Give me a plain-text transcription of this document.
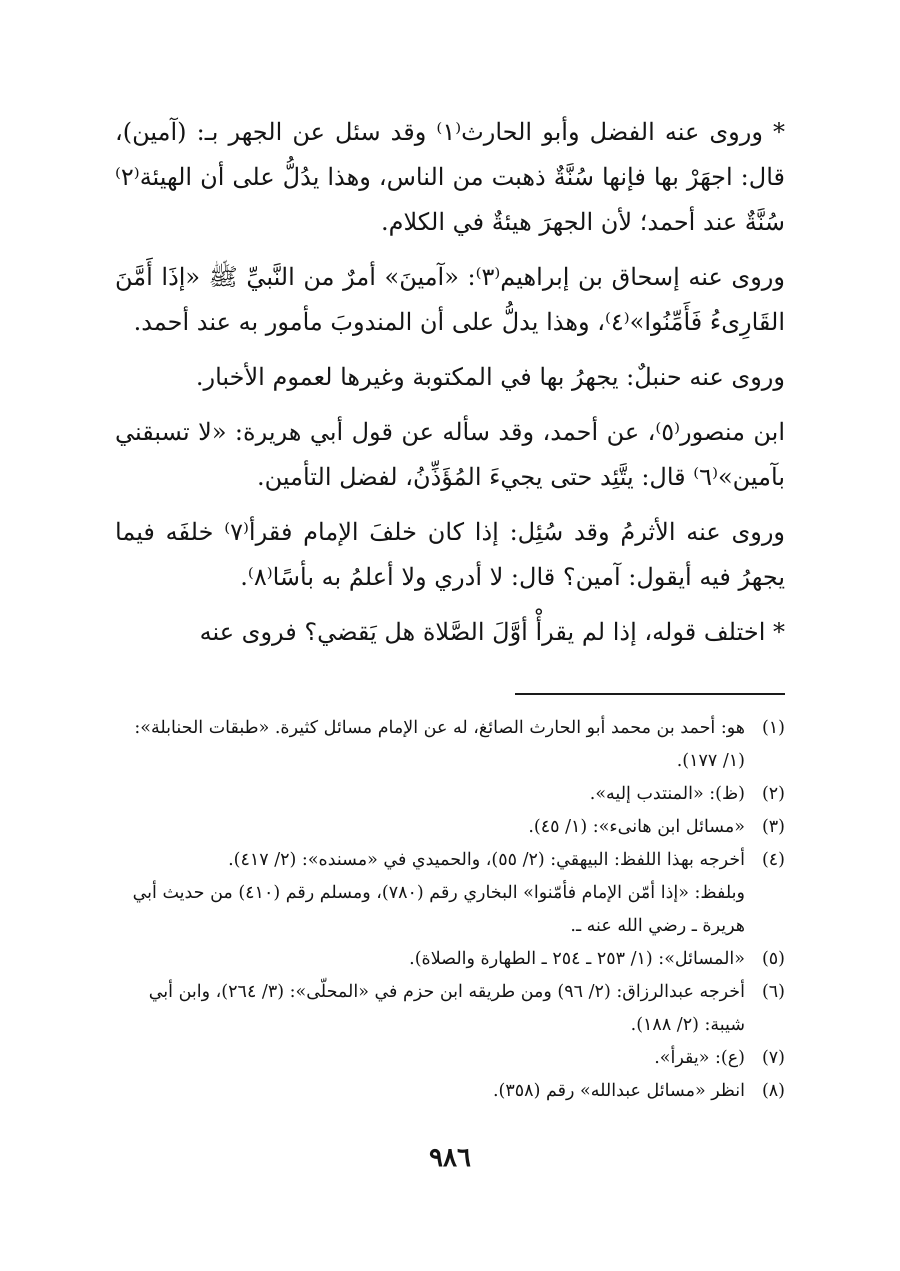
* وروى عنه الفضل وأبو الحارث⁽١⁾ وقد سئل عن الجهر بـ: (آمين)، قال: اجهَرْ بها فإنها سُنَّةٌ ذهبت من الناس، وهذا يدُلُّ على أن الهيئة⁽٢⁾ سُنَّةٌ عند أحمد؛ لأن الجهرَ هيئةٌ في الكلام.

وروى عنه إسحاق بن إبراهيم⁽٣⁾: «آمينَ» أمرٌ من النَّبيِّ ﷺ «إذَا أَمَّنَ القَارِىءُ فَأَمِّنُوا»⁽٤⁾، وهذا يدلُّ على أن المندوبَ مأمور به عند أحمد.

وروى عنه حنبلٌ: يجهرُ بها في المكتوبة وغيرها لعموم الأخبار.

ابن منصور⁽٥⁾، عن أحمد، وقد سأله عن قول أبي هريرة: «لا تسبقني بآمين»⁽٦⁾ قال: يتَّئِد حتى يجيءَ المُؤَذِّنُ، لفضل التأمين.

وروى عنه الأثرمُ وقد سُئِل: إذا كان خلفَ الإمام فقرأ⁽٧⁾ خلفَه فيما يجهرُ فيه أيقول: آمين؟ قال: لا أدري ولا أعلمُ به بأسًا⁽٨⁾.

* اختلف قوله، إذا لم يقرأْ أوَّلَ الصَّلاة هل يَقضي؟ فروى عنه

(١)
هو: أحمد بن محمد أبو الحارث الصائغ، له عن الإمام مسائل كثيرة. «طبقات الحنابلة»: (١/ ١٧٧).
(٢)
(ظ): «المنتدب إليه».
(٣)
«مسائل ابن هانىء»: (١/ ٤٥).
(٤)
أخرجه بهذا اللفظ: البيهقي: (٢/ ٥٥)، والحميدي في «مسنده»: (٢/ ٤١٧).
وبلفظ: «إذا أمّن الإمام فأمّنوا» البخاري رقم (٧٨٠)، ومسلم رقم (٤١٠) من حديث أبي هريرة ـ رضي الله عنه ـ.
(٥)
«المسائل»: (١/ ٢٥٣ ـ ٢٥٤ ـ الطهارة والصلاة).
(٦)
أخرجه عبدالرزاق: (٢/ ٩٦) ومن طريقه ابن حزم في «المحلّى»: (٣/ ٢٦٤)، وابن أبي شيبة: (٢/ ١٨٨).
(٧)
(ع): «يقرأ».
(٨)
انظر «مسائل عبدالله» رقم (٣٥٨).
٩٨٦
